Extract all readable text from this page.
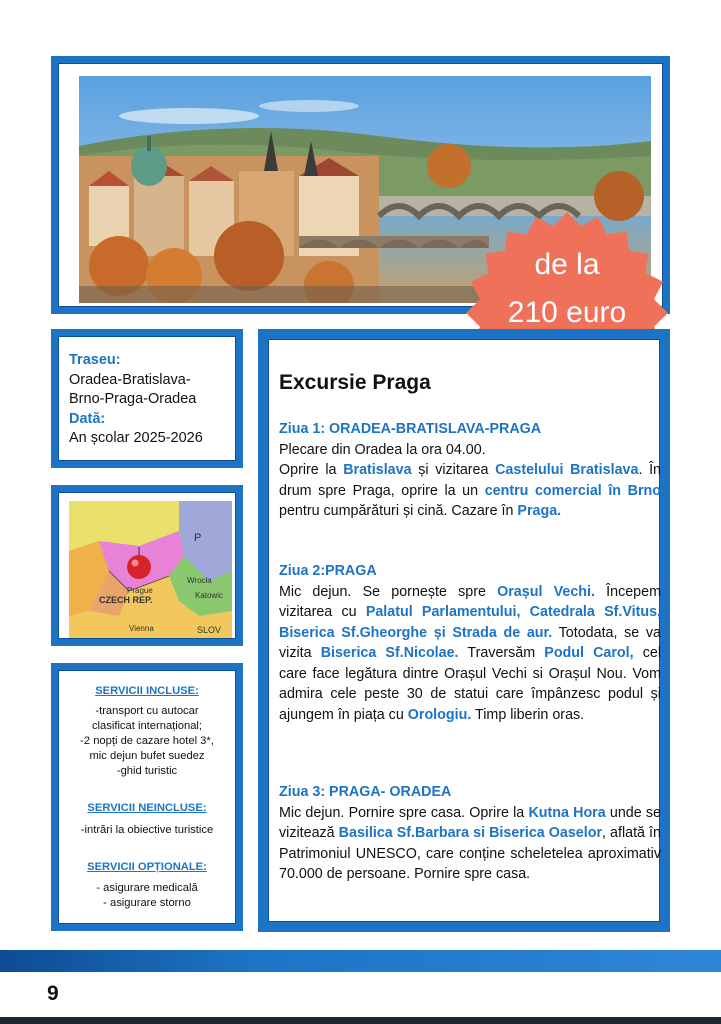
de la
210 euro
Traseu:
Oradea-Bratislava-
Brno-Praga-Oradea
Dată:
An școlar 2025-2026
Prague
CZECH REP.
P
Wrocła
Katowic
Vienna	SLOV
SERVICII INCLUSE:
-transport cu autocar
clasificat internațional;
-2 nopți de cazare hotel 3*,
mic dejun bufet suedez
-ghid turistic
SERVICII NEINCLUSE:
-intrări la obiective turistice
SERVICII OPȚIONALE:
- asigurare medicală
- asigurare storno
Excursie Praga
Ziua 1: ORADEA-BRATISLAVA-PRAGA
Plecare din Oradea la ora 04.00.
Oprire la Bratislava și vizitarea Castelului Bratislava. În drum spre Praga, oprire la un centru comercial în Brno pentru cumpărături și cină. Cazare în Praga.
Ziua 2:PRAGA
Mic dejun. Se pornește spre Orașul Vechi. Începem vizitarea cu Palatul Parlamentului, Catedrala Sf.Vitus, Biserica Sf.Gheorghe și Strada de aur. Totodata, se va vizita Biserica Sf.Nicolae. Traversăm Podul Carol, cel care face legătura dintre Orașul Vechi si Orașul Nou. Vom admira cele peste 30 de statui care împânzesc podul și ajungem în piața cu Orologiu. Timp liberin oras.
Ziua 3: PRAGA- ORADEA
Mic dejun. Pornire spre casa. Oprire la Kutna Hora unde se vizitează Basilica Sf.Barbara si Biserica Oaselor, aflată în Patrimoniul UNESCO, care conține scheletelea aproximativ 70.000 de persoane. Pornire spre casa.
9
